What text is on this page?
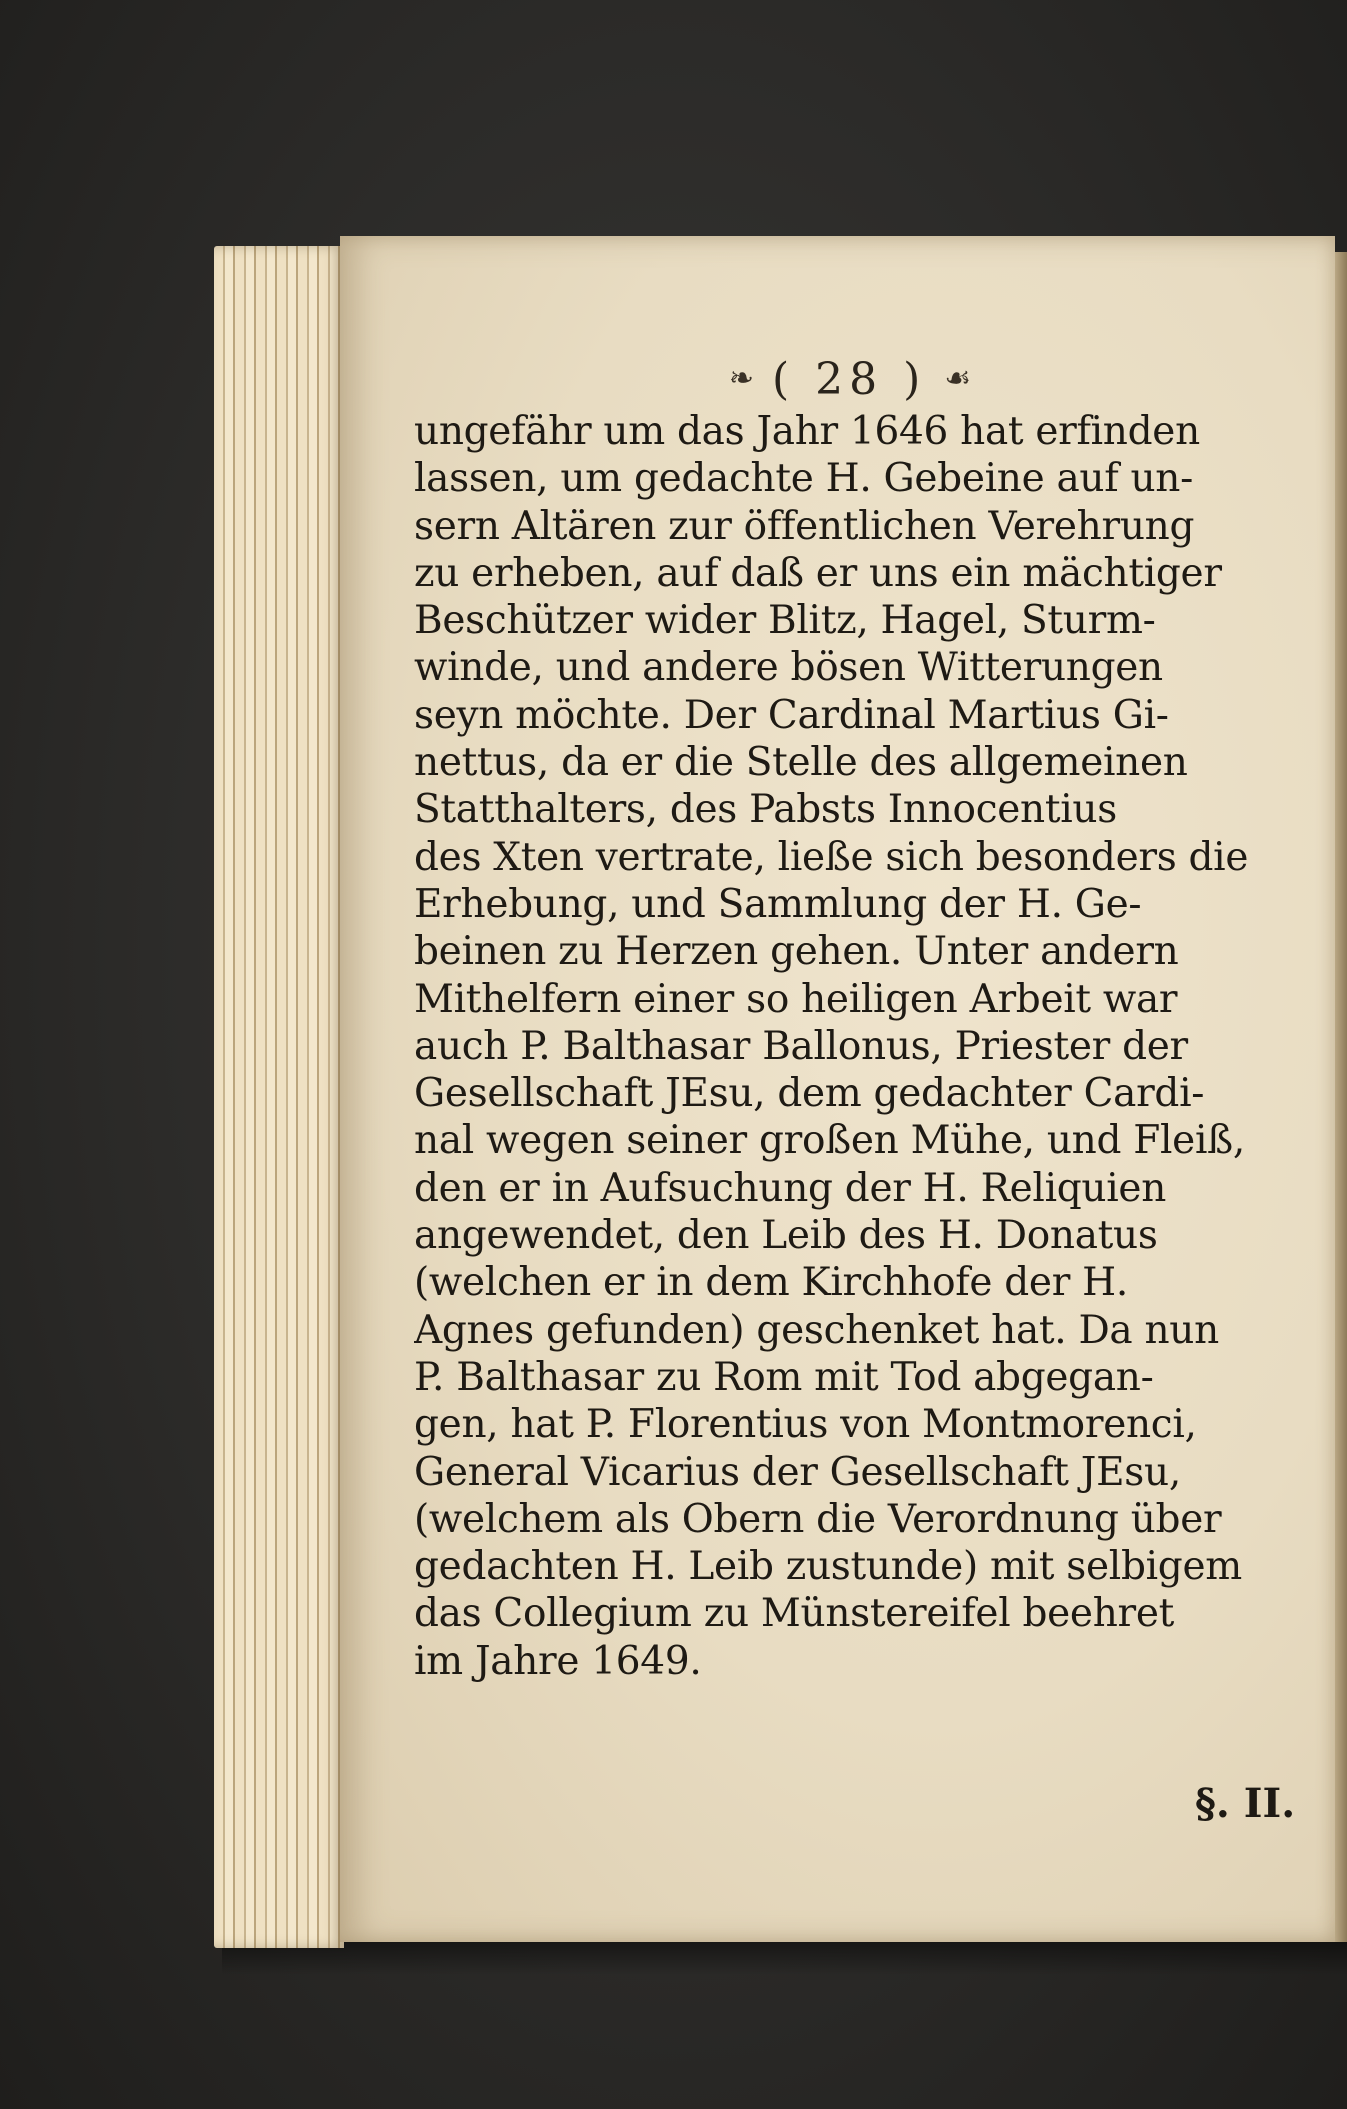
❧ ( 28 ) ☙
ungefähr um das Jahr 1646 hat erfinden
lassen, um gedachte H. Gebeine auf un-
sern Altären zur öffentlichen Verehrung
zu erheben, auf daß er uns ein mächtiger
Beschützer wider Blitz, Hagel, Sturm-
winde, und andere bösen Witterungen
seyn möchte. Der Cardinal Martius Gi-
nettus, da er die Stelle des allgemeinen
Statthalters, des Pabsts Innocentius
des Xten vertrate, ließe sich besonders die
Erhebung, und Sammlung der H. Ge-
beinen zu Herzen gehen. Unter andern
Mithelfern einer so heiligen Arbeit war
auch P. Balthasar Ballonus, Priester der
Gesellschaft JEsu, dem gedachter Cardi-
nal wegen seiner großen Mühe, und Fleiß,
den er in Aufsuchung der H. Reliquien
angewendet, den Leib des H. Donatus
(welchen er in dem Kirchhofe der H.
Agnes gefunden) geschenket hat. Da nun
P. Balthasar zu Rom mit Tod abgegan-
gen, hat P. Florentius von Montmorenci,
General Vicarius der Gesellschaft JEsu,
(welchem als Obern die Verordnung über
gedachten H. Leib zustunde) mit selbigem
das Collegium zu Münstereifel beehret
im Jahre 1649.
§. II.
